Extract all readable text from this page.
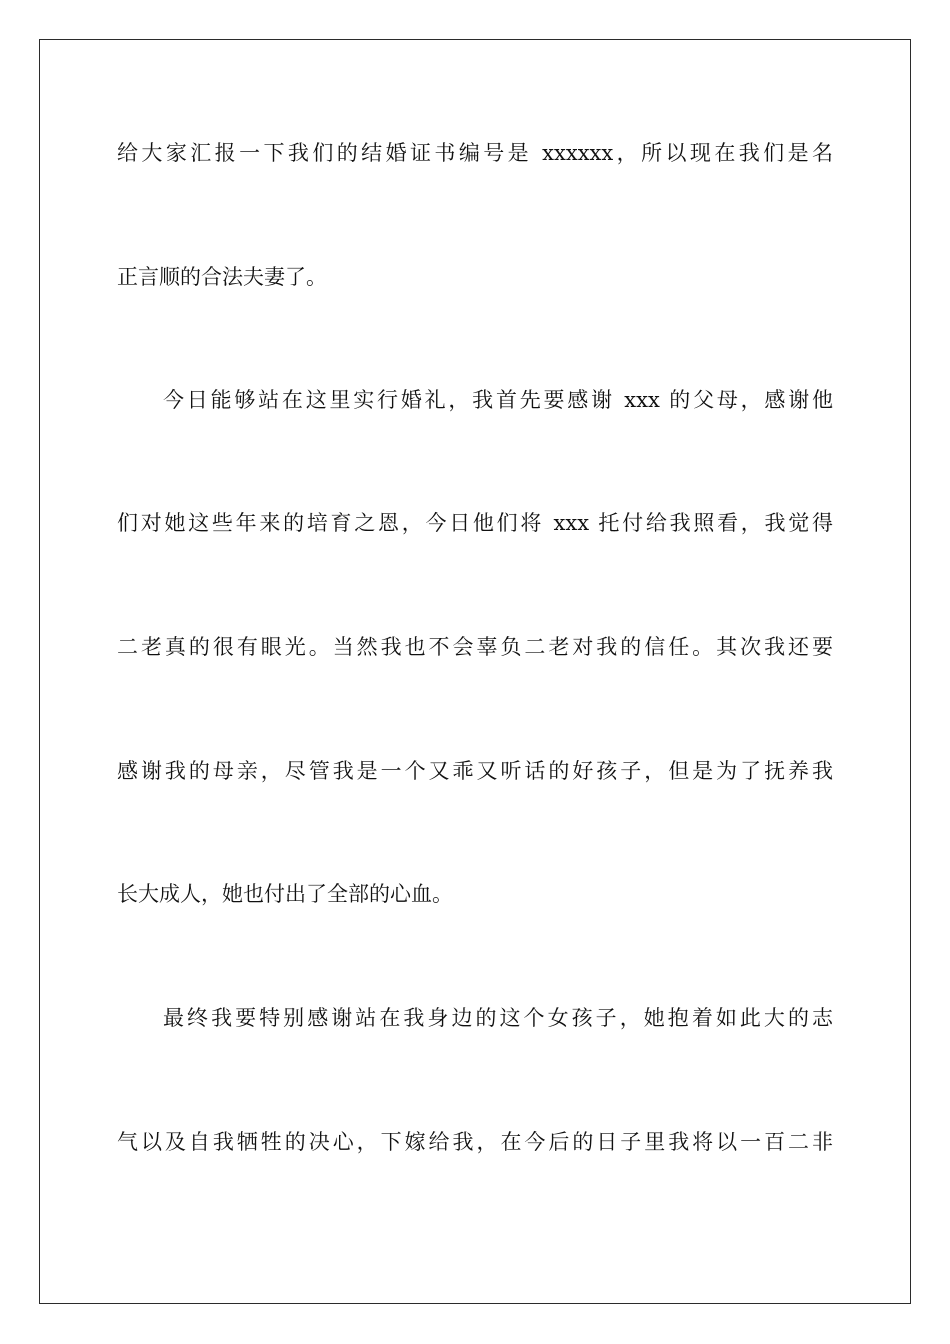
给大家汇报一下我们的结婚证书编号是 xxxxxx，所以现在我们是名
正言顺的合法夫妻了。
今日能够站在这里实行婚礼，我首先要感谢 xxx 的父母，感谢他
们对她这些年来的培育之恩，今日他们将 xxx 托付给我照看，我觉得
二老真的很有眼光。当然我也不会辜负二老对我的信任。其次我还要
感谢我的母亲，尽管我是一个又乖又听话的好孩子，但是为了抚养我
长大成人，她也付出了全部的心血。
最终我要特别感谢站在我身边的这个女孩子，她抱着如此大的志
气以及自我牺牲的决心，下嫁给我，在今后的日子里我将以一百二非
